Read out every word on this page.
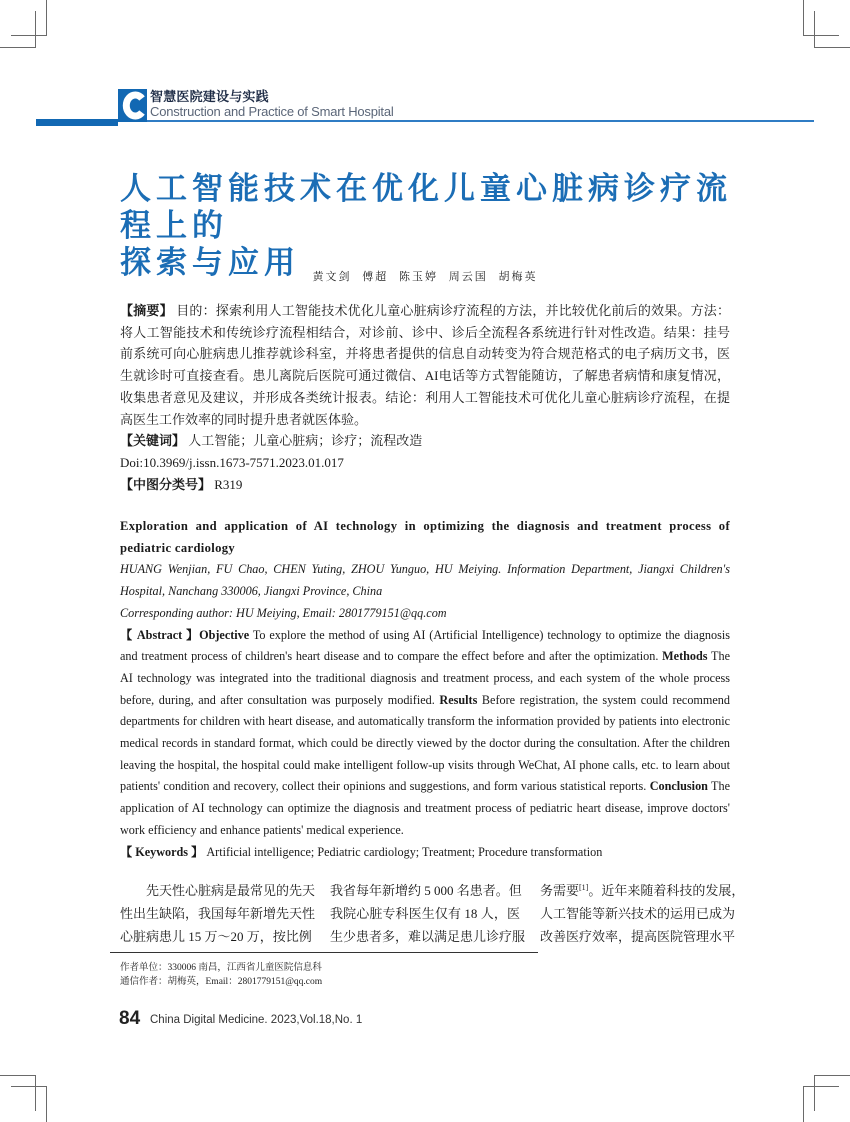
智慧医院建设与实践
Construction and Practice of Smart Hospital
人工智能技术在优化儿童心脏病诊疗流程上的
探索与应用	黄文剑 傅超 陈玉婷 周云国 胡梅英
【摘要】 目的：探索利用人工智能技术优化儿童心脏病诊疗流程的方法，并比较优化前后的效果。方法：将人工智能技术和传统诊疗流程相结合，对诊前、诊中、诊后全流程各系统进行针对性改造。结果：挂号前系统可向心脏病患儿推荐就诊科室，并将患者提供的信息自动转变为符合规范格式的电子病历文书，医生就诊时可直接查看。患儿离院后医院可通过微信、AI电话等方式智能随访，了解患者病情和康复情况，收集患者意见及建议，并形成各类统计报表。结论：利用人工智能技术可优化儿童心脏病诊疗流程，在提高医生工作效率的同时提升患者就医体验。
【关键词】 人工智能；儿童心脏病；诊疗；流程改造
Doi:10.3969/j.issn.1673-7571.2023.01.017
【中图分类号】 R319
Exploration and application of AI technology in optimizing the diagnosis and treatment process of pediatric cardiology
HUANG Wenjian, FU Chao, CHEN Yuting, ZHOU Yunguo, HU Meiying. Information Department, Jiangxi Children's Hospital, Nanchang 330006, Jiangxi Province, China
Corresponding author: HU Meiying, Email: 2801779151@qq.com
【 Abstract 】Objective To explore the method of using AI (Artificial Intelligence) technology to optimize the diagnosis and treatment process of children's heart disease and to compare the effect before and after the optimization. Methods The AI technology was integrated into the traditional diagnosis and treatment process, and each system of the whole process before, during, and after consultation was purposely modified. Results Before registration, the system could recommend departments for children with heart disease, and automatically transform the information provided by patients into electronic medical records in standard format, which could be directly viewed by the doctor during the consultation. After the children leaving the hospital, the hospital could make intelligent follow-up visits through WeChat, AI phone calls, etc. to learn about patients' condition and recovery, collect their opinions and suggestions, and form various statistical reports. Conclusion The application of AI technology can optimize the diagnosis and treatment process of pediatric heart disease, improve doctors' work efficiency and enhance patients' medical experience.
【 Keywords 】 Artificial intelligence; Pediatric cardiology; Treatment; Procedure transformation
先天性心脏病是最常见的先天
性出生缺陷，我国每年新增先天性
心脏病患儿 15 万～20 万，按比例
我省每年新增约 5 000 名患者。但
我院心脏专科医生仅有 18 人，医
生少患者多，难以满足患儿诊疗服
务需要[1]。近年来随着科技的发展，
人工智能等新兴技术的运用已成为
改善医疗效率，提高医院管理水平
作者单位：330006 南昌，江西省儿童医院信息科
通信作者：胡梅英，Email：2801779151@qq.com
84 China Digital Medicine. 2023,Vol.18,No. 1
